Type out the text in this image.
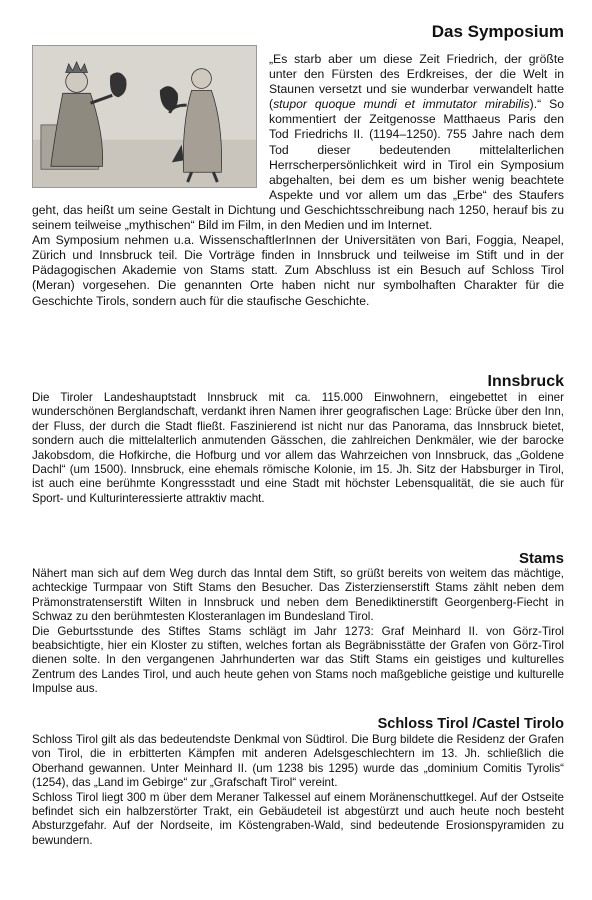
Das Symposium

„Es starb aber um diese Zeit Friedrich, der größte unter den Fürsten des Erdkreises, der die Welt in Staunen versetzt und sie wunderbar verwandelt hatte (stupor quoque mundi et immutator mirabilis).“ So kommentiert der Zeitgenosse Matthaeus Paris den Tod Friedrichs II. (1194–1250). 755 Jahre nach dem Tod dieser bedeutenden mittelalterlichen Herrscherpersönlichkeit wird in Tirol ein Symposium abgehalten, bei dem es um bisher wenig beachtete Aspekte und vor allem um das „Erbe“ des Staufers geht, das heißt um seine Gestalt in Dichtung und Geschichtsschreibung nach 1250, herauf bis zu seinem teilweise „mythischen“ Bild im Film, in den Medien und im Internet.

Am Symposium nehmen u.a. WissenschaftlerInnen der Universitäten von Bari, Foggia, Neapel, Zürich und Innsbruck teil. Die Vorträge finden in Innsbruck und teilweise im Stift und in der Pädagogischen Akademie von Stams statt. Zum Abschluss ist ein Besuch auf Schloss Tirol (Meran) vorgesehen. Die genannten Orte haben nicht nur symbolhaften Charakter für die Geschichte Tirols, sondern auch für die staufische Geschichte.

Innsbruck

Die Tiroler Landeshauptstadt Innsbruck mit ca. 115.000 Einwohnern, eingebettet in einer wunderschönen Berglandschaft, verdankt ihren Namen ihrer geografischen Lage: Brücke über den Inn, der Fluss, der durch die Stadt fließt. Faszinierend ist nicht nur das Panorama, das Innsbruck bietet, sondern auch die mittelalterlich anmutenden Gässchen, die zahlreichen Denkmäler, wie der barocke Jakobsdom, die Hofkirche, die Hofburg und vor allem das Wahrzeichen von Innsbruck, das „Goldene Dachl“ (um 1500). Innsbruck, eine ehemals römische Kolonie, im 15. Jh. Sitz der Habsburger in Tirol, ist auch eine berühmte Kongressstadt und eine Stadt mit höchster Lebensqualität, die sie auch für Sport- und Kulturinteressierte attraktiv macht.

Stams

Nähert man sich auf dem Weg durch das Inntal dem Stift, so grüßt bereits von weitem das mächtige, achteckige Turmpaar von Stift Stams den Besucher. Das Zisterzienserstift Stams zählt neben dem Prämonstratenserstift Wilten in Innsbruck und neben dem Benediktinerstift Georgenberg-Fiecht in Schwaz zu den berühmtesten Klosteranlagen im Bundesland Tirol.

Die Geburtsstunde des Stiftes Stams schlägt im Jahr 1273: Graf Meinhard II. von Görz-Tirol beabsichtigte, hier ein Kloster zu stiften, welches fortan als Begräbnisstätte der Grafen von Görz-Tirol dienen solte. In den vergangenen Jahrhunderten war das Stift Stams ein geistiges und kulturelles Zentrum des Landes Tirol, und auch heute gehen von Stams noch maßgebliche geistige und kulturelle Impulse aus.

Schloss Tirol /Castel Tirolo

Schloss Tirol gilt als das bedeutendste Denkmal von Südtirol. Die Burg bildete die Residenz der Grafen von Tirol, die in erbitterten Kämpfen mit anderen Adelsgeschlechtern im 13. Jh. schließlich die Oberhand gewannen. Unter Meinhard II. (um 1238 bis 1295) wurde das „dominium Comitis Tyrolis“ (1254), das „Land im Gebirge“ zur „Grafschaft Tirol“ vereint.

Schloss Tirol liegt 300 m über dem Meraner Talkessel auf einem Moränenschuttkegel. Auf der Ostseite befindet sich ein halbzerstörter Trakt, ein Gebäudeteil ist abgestürzt und auch heute noch besteht Absturzgefahr. Auf der Nordseite, im Köstengraben-Wald, sind bedeutende Erosionspyramiden zu bewundern.
